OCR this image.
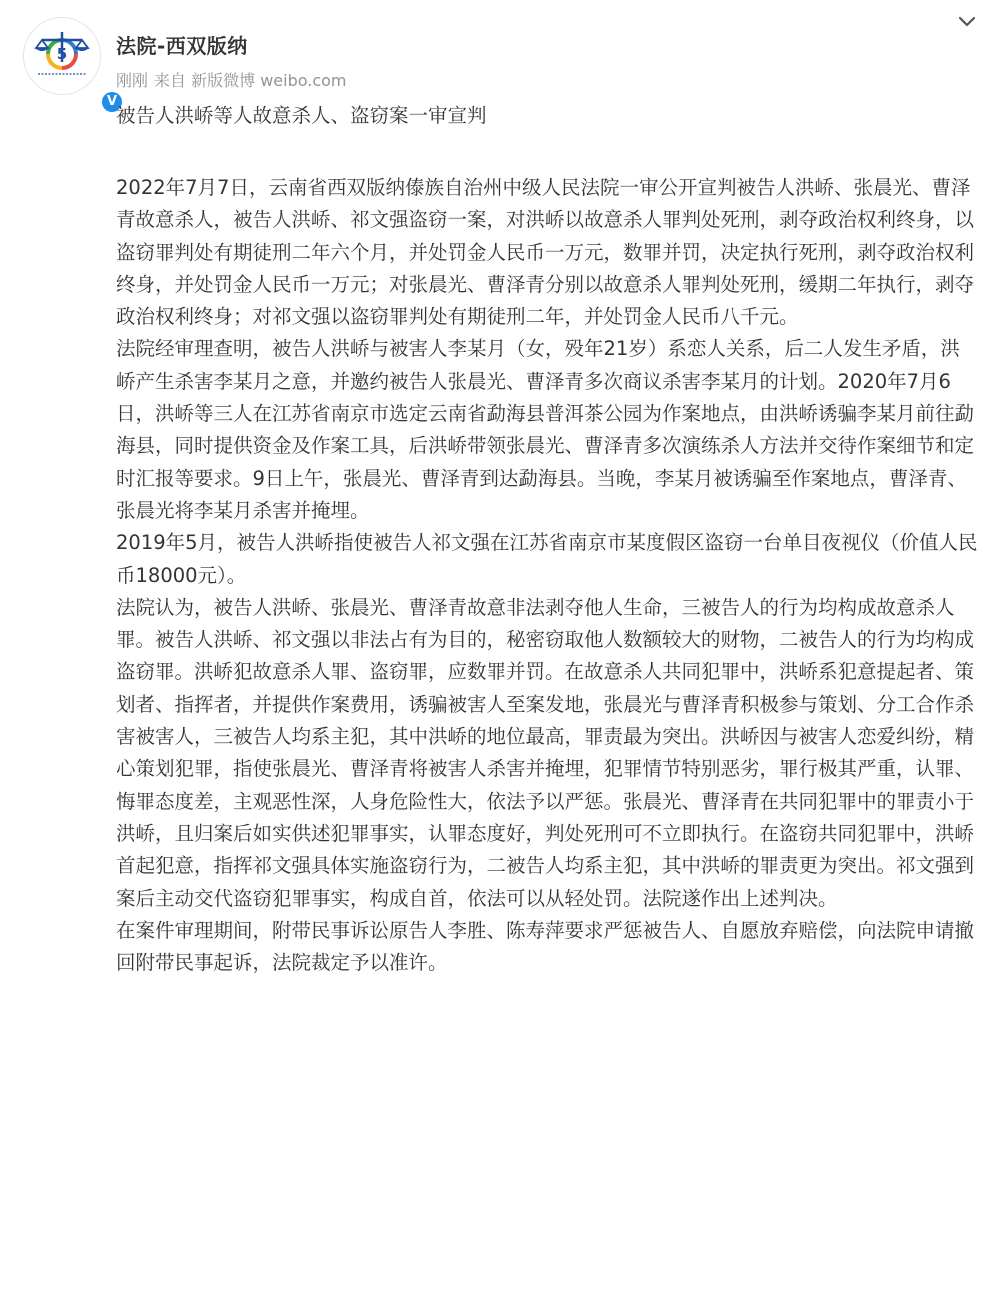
5
V
法院-西双版纳
刚刚 来自 新版微博 weibo.com
被告人洪峤等人故意杀人、盗窃案一审宣判

2022年7月7日，云南省西双版纳傣族自治州中级人民法院一审公开宣判被告人洪峤、张晨光、曹泽青故意杀人，被告人洪峤、祁文强盗窃一案，对洪峤以故意杀人罪判处死刑，剥夺政治权利终身，以盗窃罪判处有期徒刑二年六个月，并处罚金人民币一万元，数罪并罚，决定执行死刑，剥夺政治权利终身，并处罚金人民币一万元；对张晨光、曹泽青分别以故意杀人罪判处死刑，缓期二年执行，剥夺政治权利终身；对祁文强以盗窃罪判处有期徒刑二年，并处罚金人民币八千元。

法院经审理查明，被告人洪峤与被害人李某月（女，殁年21岁）系恋人关系，后二人发生矛盾，洪峤产生杀害李某月之意，并邀约被告人张晨光、曹泽青多次商议杀害李某月的计划。2020年7月6日，洪峤等三人在江苏省南京市选定云南省勐海县普洱茶公园为作案地点，由洪峤诱骗李某月前往勐海县，同时提供资金及作案工具，后洪峤带领张晨光、曹泽青多次演练杀人方法并交待作案细节和定时汇报等要求。9日上午，张晨光、曹泽青到达勐海县。当晚，李某月被诱骗至作案地点，曹泽青、张晨光将李某月杀害并掩埋。

2019年5月，被告人洪峤指使被告人祁文强在江苏省南京市某度假区盗窃一台单目夜视仪（价值人民币18000元）。

法院认为，被告人洪峤、张晨光、曹泽青故意非法剥夺他人生命，三被告人的行为均构成故意杀人罪。被告人洪峤、祁文强以非法占有为目的，秘密窃取他人数额较大的财物，二被告人的行为均构成盗窃罪。洪峤犯故意杀人罪、盗窃罪，应数罪并罚。在故意杀人共同犯罪中，洪峤系犯意提起者、策划者、指挥者，并提供作案费用，诱骗被害人至案发地，张晨光与曹泽青积极参与策划、分工合作杀害被害人，三被告人均系主犯，其中洪峤的地位最高，罪责最为突出。洪峤因与被害人恋爱纠纷，精心策划犯罪，指使张晨光、曹泽青将被害人杀害并掩埋，犯罪情节特别恶劣，罪行极其严重，认罪、悔罪态度差，主观恶性深，人身危险性大，依法予以严惩。张晨光、曹泽青在共同犯罪中的罪责小于洪峤，且归案后如实供述犯罪事实，认罪态度好，判处死刑可不立即执行。在盗窃共同犯罪中，洪峤首起犯意，指挥祁文强具体实施盗窃行为，二被告人均系主犯，其中洪峤的罪责更为突出。祁文强到案后主动交代盗窃犯罪事实，构成自首，依法可以从轻处罚。法院遂作出上述判决。

在案件审理期间，附带民事诉讼原告人李胜、陈寿萍要求严惩被告人、自愿放弃赔偿，向法院申请撤回附带民事起诉，法院裁定予以准许。
